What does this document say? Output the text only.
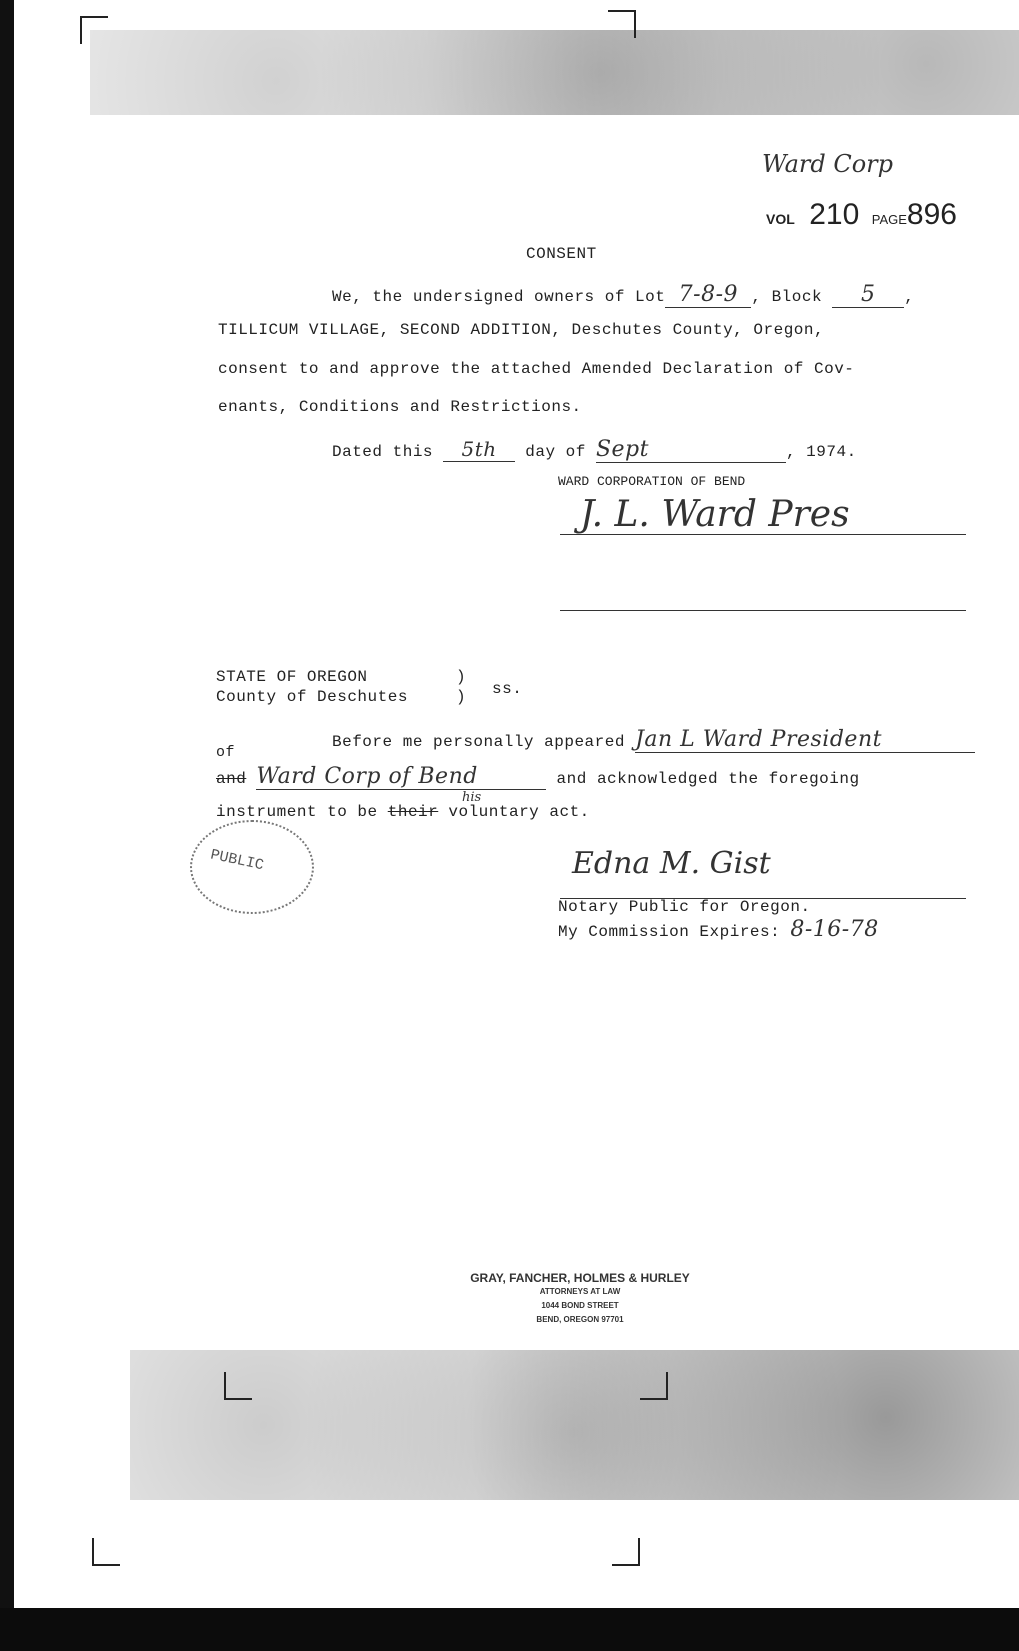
Ward Corp
VOL 210 PAGE896
CONSENT
We, the undersigned owners of Lot 7-8-9 , Block 5 ,
TILLICUM VILLAGE, SECOND ADDITION, Deschutes County, Oregon,
consent to and approve the attached Amended Declaration of Cov-
enants, Conditions and Restrictions.
Dated this 5th day of Sept	, 1974.
WARD CORPORATION OF BEND
J. L. Ward Pres
STATE OF OREGON
County of Deschutes
)
) ss.
Before me personally appeared Jan L Ward President
of
and Ward Corp of Bend	and acknowledged the foregoing
his
instrument to be their voluntary act.
PUBLIC	Edna M. Gist
Notary Public for Oregon.
My Commission Expires: 8-16-78
GRAY, FANCHER, HOLMES & HURLEY
ATTORNEYS AT LAW
1044 BOND STREET
BEND, OREGON 97701
